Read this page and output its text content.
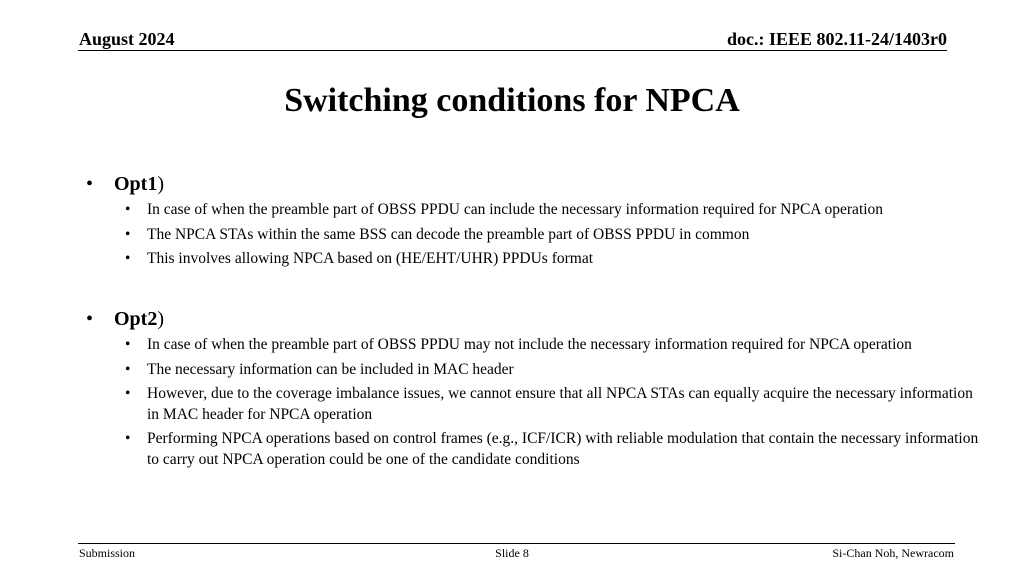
August 2024	doc.: IEEE 802.11-24/1403r0
Switching conditions for NPCA
•	Opt1)
•	In case of when the preamble part of OBSS PPDU can include the necessary information required for NPCA operation
•	The NPCA STAs within the same BSS can decode the preamble part of OBSS PPDU in common
•	This involves allowing NPCA based on (HE/EHT/UHR) PPDUs format
•	Opt2)
•	In case of when the preamble part of OBSS PPDU may not include the necessary information required for NPCA operation
•	The necessary information can be included in MAC header
•	However, due to the coverage imbalance issues, we cannot ensure that all NPCA STAs can equally acquire the necessary information in MAC header for NPCA operation
•	Performing NPCA operations based on control frames (e.g., ICF/ICR) with reliable modulation that contain the necessary information to carry out NPCA operation could be one of the candidate conditions
Submission	Slide 8	Si-Chan Noh, Newracom
